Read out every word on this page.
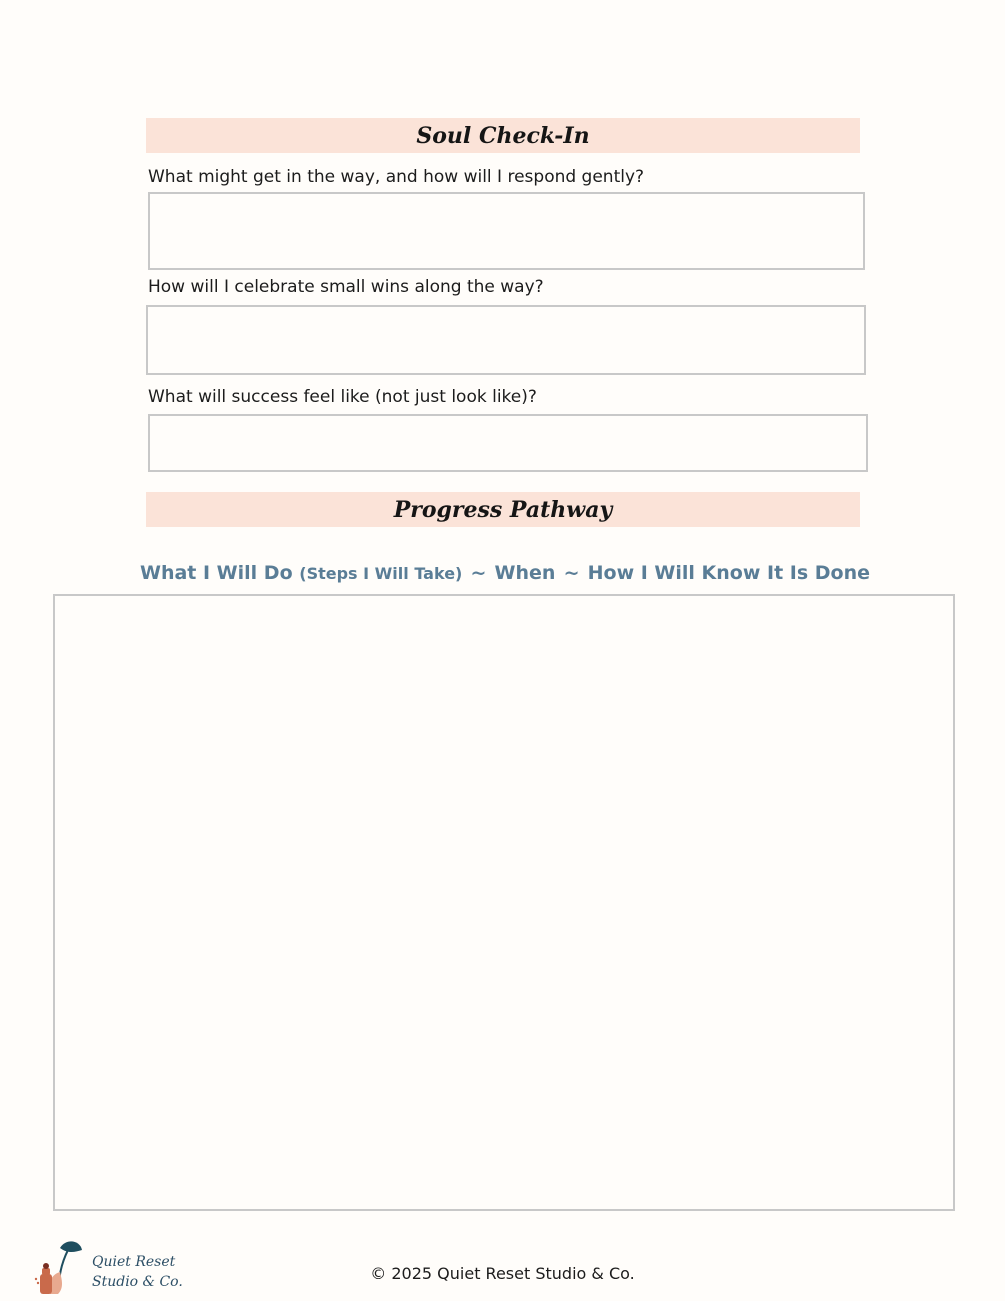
Soul Check-In
What might get in the way, and how will I respond gently?
How will I celebrate small wins along the way?
What will success feel like (not just look like)?
Progress Pathway
What I Will Do (Steps I Will Take) ~ When ~ How I Will Know It Is Done
Quiet Reset
Studio & Co.	© 2025 Quiet Reset Studio & Co.
